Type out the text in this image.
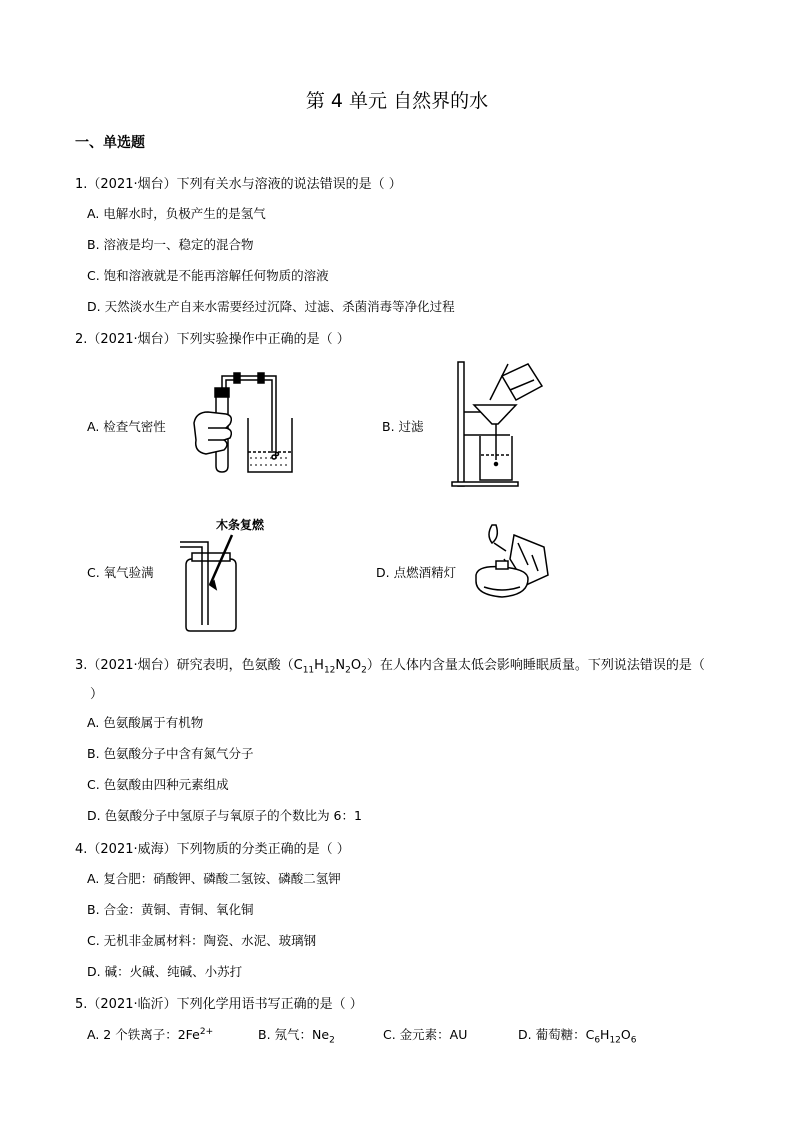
第 4 单元 自然界的水
一、单选题
1.（2021·烟台）下列有关水与溶液的说法错误的是（ ）
A. 电解水时，负极产生的是氢气
B. 溶液是均一、稳定的混合物
C. 饱和溶液就是不能再溶解任何物质的溶液
D. 天然淡水生产自来水需要经过沉降、过滤、杀菌消毒等净化过程
2.（2021·烟台）下列实验操作中正确的是（ ）
A. 检查气密性	B. 过滤
C. 氧气验满	D. 点燃酒精灯
木条复燃
3.（2021·烟台）研究表明，色氨酸$(C_{11}H_{12}N_2O_2)$在人体内含量太低会影响睡眠质量。下列说法错误的是（
）
A. 色氨酸属于有机物
B. 色氨酸分子中含有氮气分子
C. 色氨酸由四种元素组成
D. 色氨酸分子中氢原子与氧原子的个数比为 6：1
4.（2021·威海）下列物质的分类正确的是（ ）
A. 复合肥：硝酸钾、磷酸二氢铵、磷酸二氢钾
B. 合金：黄铜、青铜、氧化铜
C. 无机非金属材料：陶瓷、水泥、玻璃钢
D. 碱：火碱、纯碱、小苏打
5.（2021·临沂）下列化学用语书写正确的是（ ）
A. 2 个铁离子：$2Fe^{2+}$	B. 氖气：$Ne_2$	C. 金元素：AU	D. 葡萄糖：$C_6H_{12}O_6$
